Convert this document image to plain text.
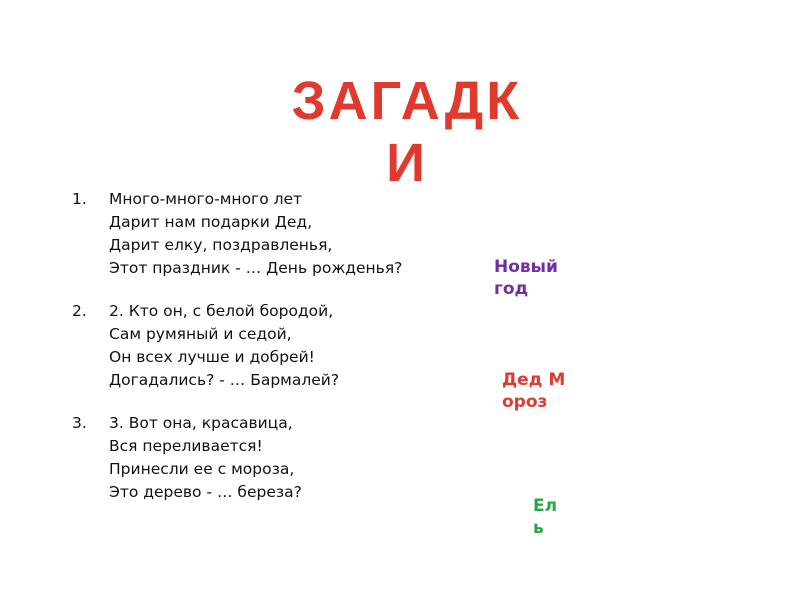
ЗАГАДКИ
1. Много-много-много лет
Дарит нам подарки Дед,
Дарит елку, поздравленья,
Этот праздник - … День рожденья?
2. 2. Кто он, с белой бородой,
Сам румяный и седой,
Он всех лучше и добрей!
Догадались? - … Бармалей?
3. 3. Вот она, красавица,
Вся переливается!
Принесли ее с мороза,
Это дерево - … береза?
Новый год
Дед Мороз
Ель
